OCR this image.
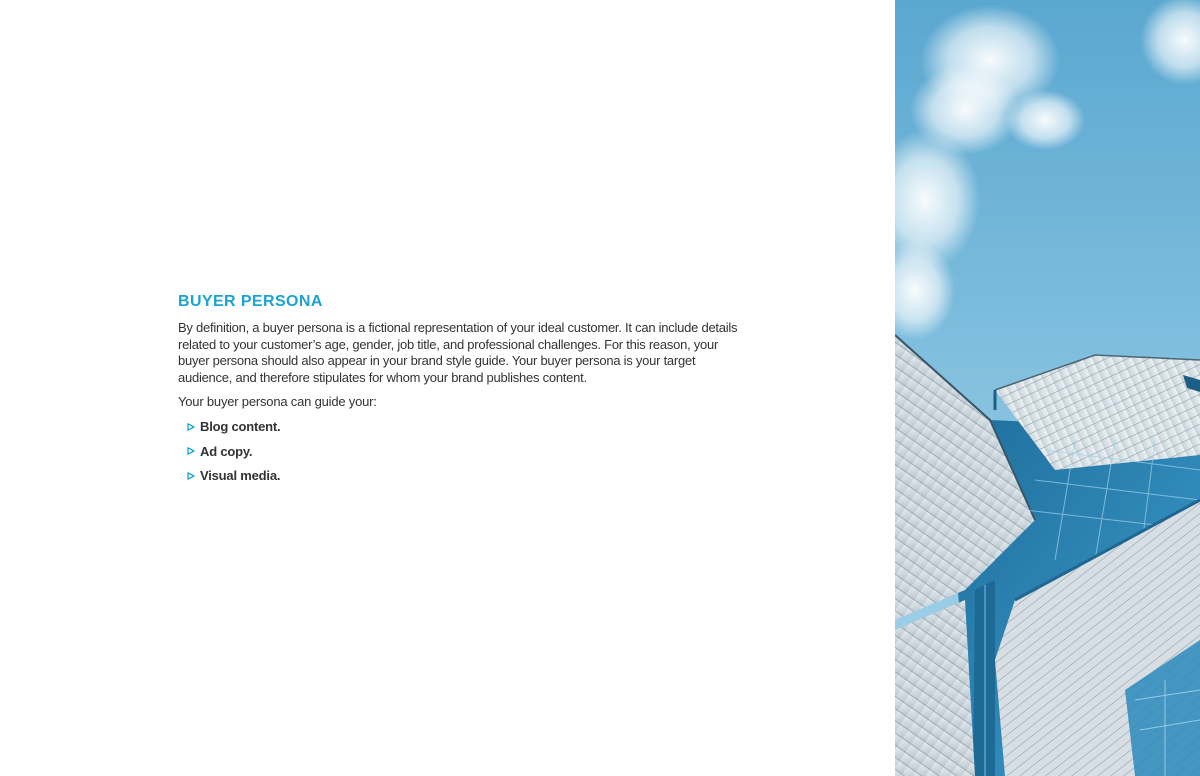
BUYER PERSONA

By definition, a buyer persona is a fictional representation of your ideal customer. It can include details related to your customer’s age, gender, job title, and professional challenges. For this reason, your buyer persona should also appear in your brand style guide. Your buyer persona is your target audience, and therefore stipulates for whom your brand publishes content.

Your buyer persona can guide your:

Blog content.
Ad copy.
Visual media.
